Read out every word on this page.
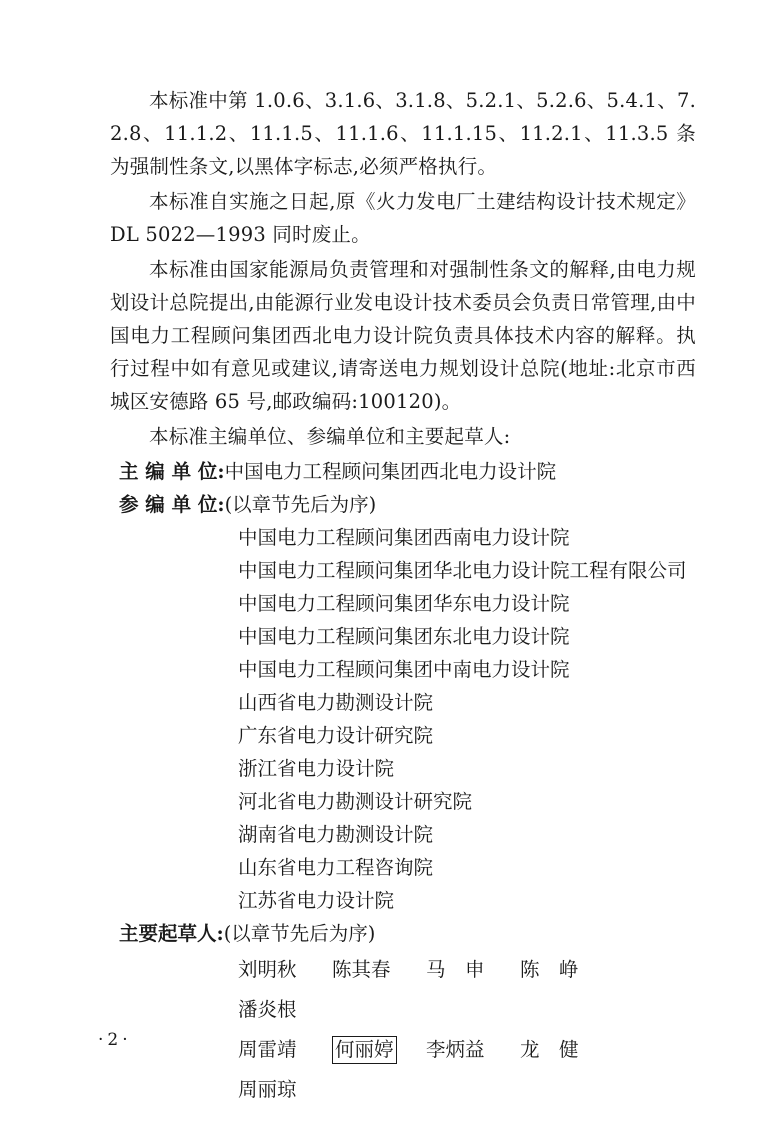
本标准中第 1.0.6、3.1.6、3.1.8、5.2.1、5.2.6、5.4.1、7.2.8、11.1.2、11.1.5、11.1.6、11.1.15、11.2.1、11.3.5 条为强制性条文,以黑体字标志,必须严格执行。

本标准自实施之日起,原《火力发电厂土建结构设计技术规定》DL 5022—1993 同时废止。

本标准由国家能源局负责管理和对强制性条文的解释,由电力规划设计总院提出,由能源行业发电设计技术委员会负责日常管理,由中国电力工程顾问集团西北电力设计院负责具体技术内容的解释。执行过程中如有意见或建议,请寄送电力规划设计总院(地址:北京市西城区安德路 65 号,邮政编码:100120)。

本标准主编单位、参编单位和主要起草人:

主 编 单 位:中国电力工程顾问集团西北电力设计院

参 编 单 位:(以章节先后为序)

中国电力工程顾问集团西南电力设计院

中国电力工程顾问集团华北电力设计院工程有限公司

中国电力工程顾问集团华东电力设计院

中国电力工程顾问集团东北电力设计院

中国电力工程顾问集团中南电力设计院

山西省电力勘测设计院

广东省电力设计研究院

浙江省电力设计院

河北省电力勘测设计研究院

湖南省电力勘测设计院

山东省电力工程咨询院

江苏省电力设计院

主要起草人:(以章节先后为序)

刘明秋 陈其春 马　申 陈　峥潘炎根

周雷靖 何丽婷 李炳益 龙　健周丽琼

· 2 ·
